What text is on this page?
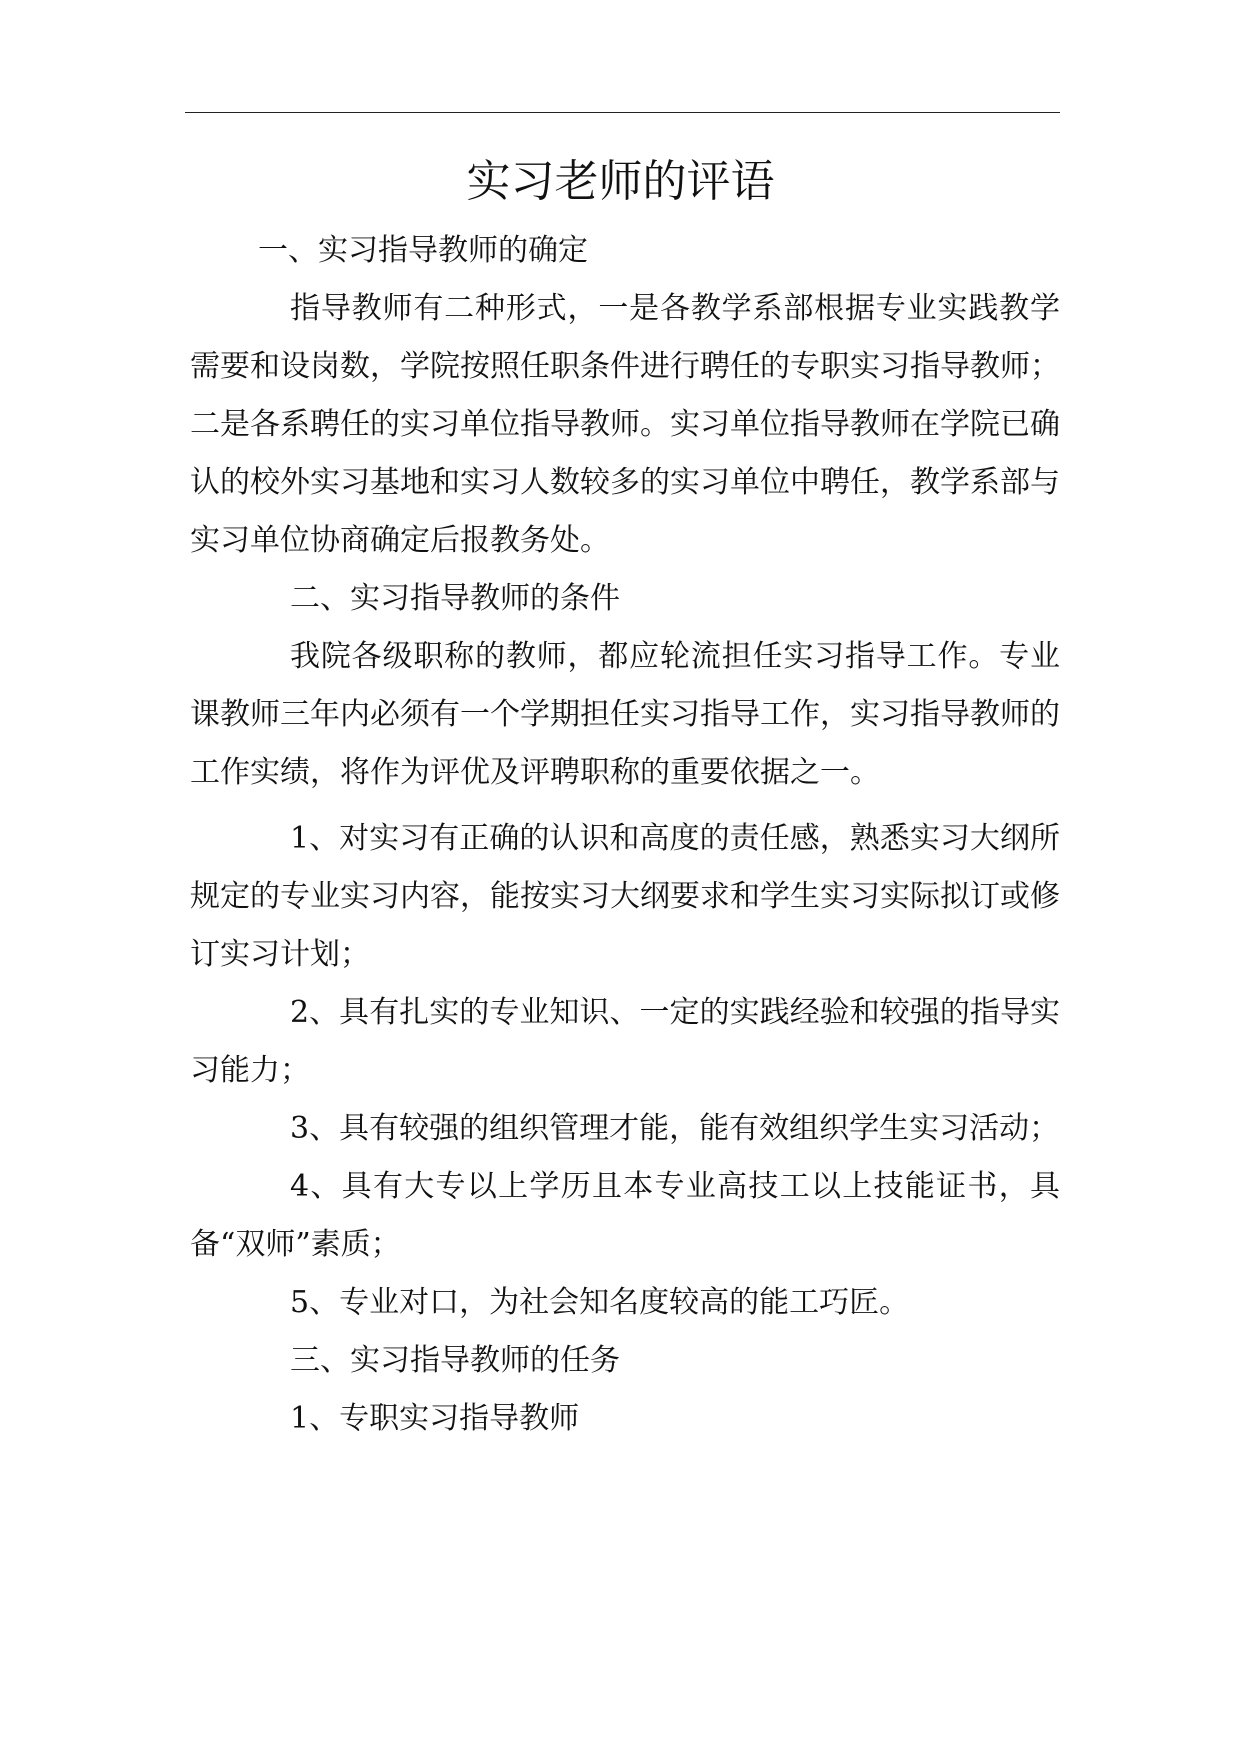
实习老师的评语

一、实习指导教师的确定

指导教师有二种形式，一是各教学系部根据专业实践教学需要和设岗数，学院按照任职条件进行聘任的专职实习指导教师；二是各系聘任的实习单位指导教师。实习单位指导教师在学院已确认的校外实习基地和实习人数较多的实习单位中聘任，教学系部与实习单位协商确定后报教务处。

二、实习指导教师的条件

我院各级职称的教师，都应轮流担任实习指导工作。专业课教师三年内必须有一个学期担任实习指导工作，实习指导教师的工作实绩，将作为评优及评聘职称的重要依据之一。

1、对实习有正确的认识和高度的责任感，熟悉实习大纲所规定的专业实习内容，能按实习大纲要求和学生实习实际拟订或修订实习计划；

2、具有扎实的专业知识、一定的实践经验和较强的指导实习能力；

3、具有较强的组织管理才能，能有效组织学生实习活动；

4、具有大专以上学历且本专业高技工以上技能证书，具备“双师”素质；

5、专业对口，为社会知名度较高的能工巧匠。

三、实习指导教师的任务

1、专职实习指导教师
